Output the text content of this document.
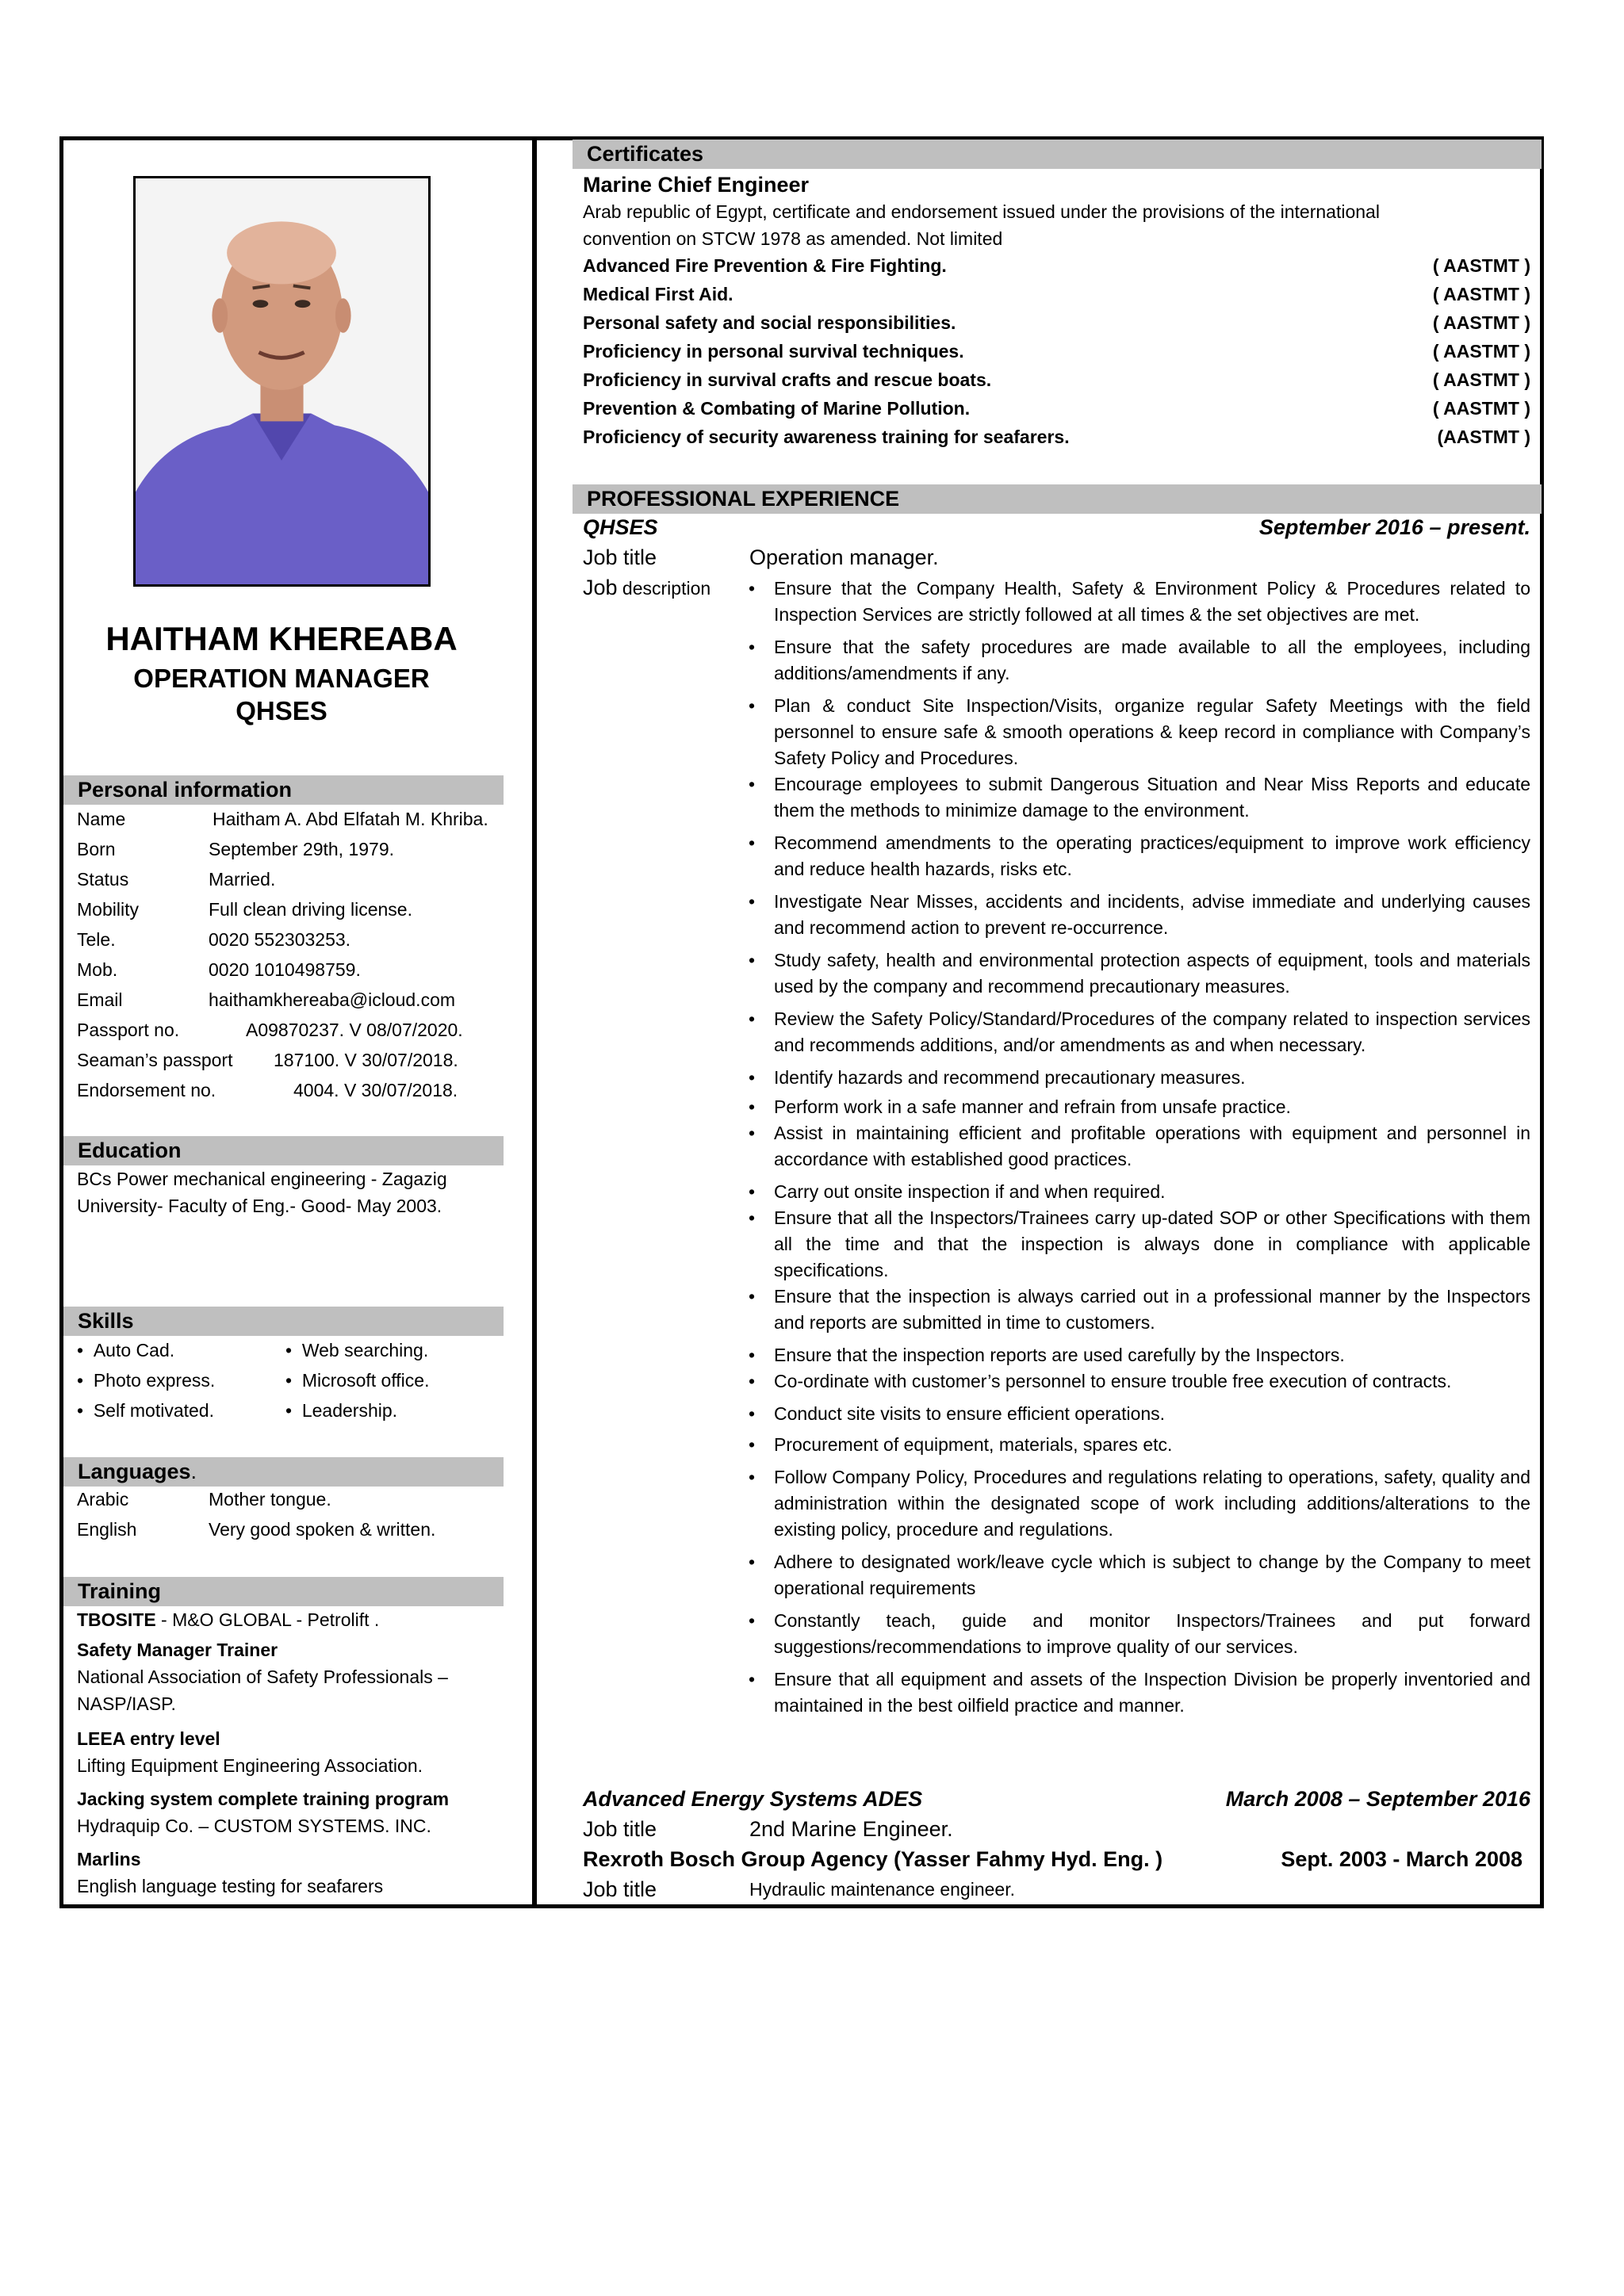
HAITHAM KHEREABA
OPERATION MANAGER
QHSES
Personal information
Name	Haitham A. Abd Elfatah M. Khriba.
Born	September 29th, 1979.
Status	Married.
Mobility	Full clean driving license.
Tele.	0020 552303253.
Mob.	0020 1010498759.
Email	haithamkhereaba@icloud.com
Passport no.	A09870237. V 08/07/2020.
Seaman’s passport 187100. V 30/07/2018.
Endorsement no.	4004. V 30/07/2018.
Education
BCs Power mechanical engineering - Zagazig
University- Faculty of Eng.- Good- May 2003.
Skills
•  Auto Cad.
•  Photo express.
•  Self motivated.
•  Web searching.
•  Microsoft office.
•  Leadership.
Languages.
Arabic	Mother tongue.
English	Very good spoken & written.
Training
TBOSITE - M&O GLOBAL - Petrolift .
Safety Manager Trainer
National Association of Safety Professionals –
NASP/IASP.
LEEA entry level
Lifting Equipment Engineering Association.
Jacking system complete training program
Hydraquip Co. – CUSTOM SYSTEMS. INC.
Marlins
English language testing for seafarers
Certificates
Marine Chief Engineer
Arab republic of Egypt, certificate and endorsement issued under the provisions of the international
convention on STCW 1978 as amended. Not limited
Advanced Fire Prevention & Fire Fighting.	( AASTMT )
Medical First Aid.	( AASTMT )
Personal safety and social responsibilities.	( AASTMT )
Proficiency in personal survival techniques.	( AASTMT )
Proficiency in survival crafts and rescue boats.	( AASTMT )
Prevention & Combating of Marine Pollution.	( AASTMT )
Proficiency of security awareness training for seafarers.	(AASTMT )
PROFESSIONAL EXPERIENCE
QHSES	September 2016 – present.
Job title	Operation manager.
Job description
•	Ensure that the Company Health, Safety & Environment Policy & Procedures related to Inspection Services are strictly followed at all times & the set objectives are met.
• Ensure that the safety procedures are made available to all the employees, including additions/amendments if any.
• Plan & conduct Site Inspection/Visits, organize regular Safety Meetings with the field personnel to ensure safe & smooth operations & keep record in compliance with Company’s Safety Policy and Procedures.
• Encourage employees to submit Dangerous Situation and Near Miss Reports and educate them the methods to minimize damage to the environment.
• Recommend amendments to the operating practices/equipment to improve work efficiency and reduce health hazards, risks etc.
• Investigate Near Misses, accidents and incidents, advise immediate and underlying causes and recommend action to prevent re-occurrence.
• Study safety, health and environmental protection aspects of equipment, tools and materials used by the company and recommend precautionary measures.
• Review the Safety Policy/Standard/Procedures of the company related to inspection services and recommends additions, and/or amendments as and when necessary.
• Identify hazards and recommend precautionary measures.
• Perform work in a safe manner and refrain from unsafe practice.
• Assist in maintaining efficient and profitable operations with equipment and personnel in accordance with established good practices.
• Carry out onsite inspection if and when required.
• Ensure that all the Inspectors/Trainees carry up-dated SOP or other Specifications with them all the time and that the inspection is always done in compliance with applicable specifications.
• Ensure that the inspection is always carried out in a professional manner by the Inspectors and reports are submitted in time to customers.
• Ensure that the inspection reports are used carefully by the Inspectors.
• Co-ordinate with customer’s personnel to ensure trouble free execution of contracts.
• Conduct site visits to ensure efficient operations.
• Procurement of equipment, materials, spares etc.
• Follow Company Policy, Procedures and regulations relating to operations, safety, quality and administration within the designated scope of work including additions/alterations to the existing policy, procedure and regulations.
• Adhere to designated work/leave cycle which is subject to change by the Company to meet operational requirements
• Constantly teach, guide and monitor Inspectors/Trainees and put forward suggestions/recommendations to improve quality of our services.
• Ensure that all equipment and assets of the Inspection Division be properly inventoried and maintained in the best oilfield practice and manner.
Advanced Energy Systems ADES	March 2008 – September 2016
Job title	2nd Marine Engineer.
Rexroth Bosch Group Agency (Yasser Fahmy Hyd. Eng. )	Sept. 2003 - March 2008
Job title	Hydraulic maintenance engineer.
